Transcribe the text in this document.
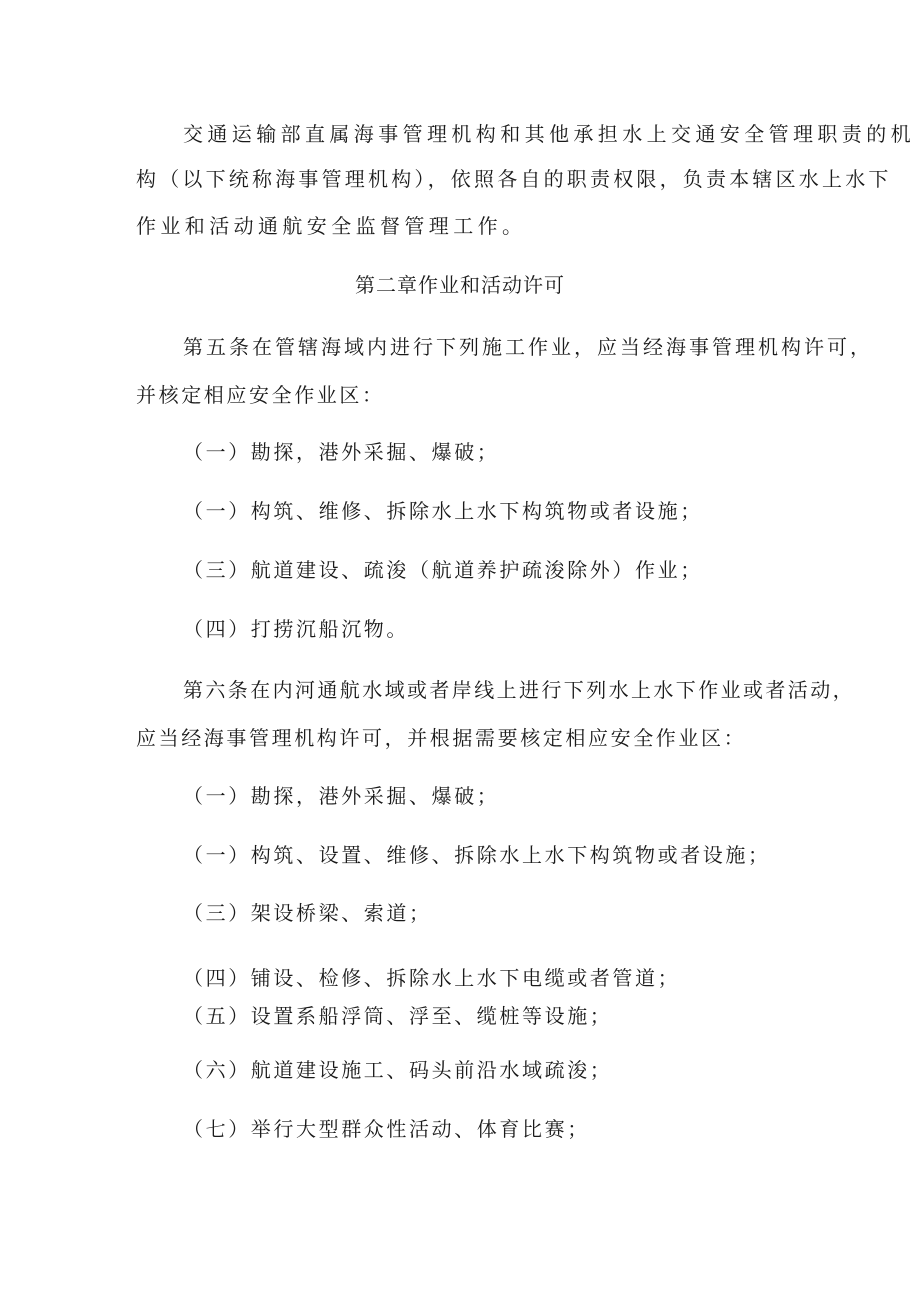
交通运输部直属海事管理机构和其他承担水上交通安全管理职责的机
构（以下统称海事管理机构），依照各自的职责权限，负责本辖区水上水下
作业和活动通航安全监督管理工作。
第二章作业和活动许可
第五条在管辖海域内进行下列施工作业，应当经海事管理机构许可，
并核定相应安全作业区：
（一）勘探，港外采掘、爆破；
（一）构筑、维修、拆除水上水下构筑物或者设施；
（三）航道建设、疏浚（航道养护疏浚除外）作业；
（四）打捞沉船沉物。
第六条在内河通航水域或者岸线上进行下列水上水下作业或者活动，
应当经海事管理机构许可，并根据需要核定相应安全作业区：
（一）勘探，港外采掘、爆破；
（一）构筑、设置、维修、拆除水上水下构筑物或者设施；
（三）架设桥梁、索道；
（四）铺设、检修、拆除水上水下电缆或者管道；
（五）设置系船浮筒、浮至、缆桩等设施；
（六）航道建设施工、码头前沿水域疏浚；
（七）举行大型群众性活动、体育比赛；
